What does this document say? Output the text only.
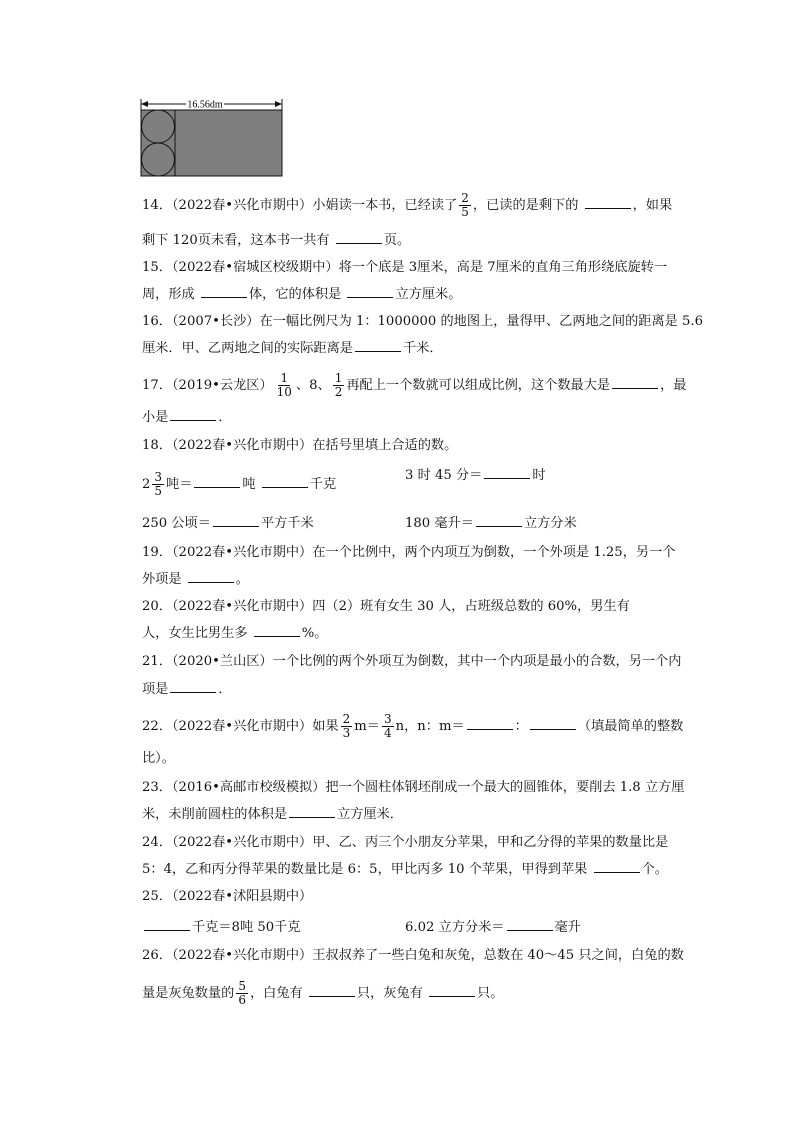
16.56dm
14．（2022春•兴化市期中）小娟读一本书，已经读了 $\frac{2}{5}$ ，已读的是剩下的	，如果
剩下 120页未看，这本书一共有	页。
15．（2022春•宿城区校级期中）将一个底是 3厘米，高是 7厘米的直角三角形绕底旋转一
周，形成	体，它的体积是	立方厘米。
16．（2007•长沙）在一幅比例尺为 1：1000000 的地图上，量得甲、乙两地之间的距离是 5.6
厘米．甲、乙两地之间的实际距离是	千米．
17．（2019•云龙区） $\frac{1}{10}$ 、8、 $\frac{1}{2}$ 再配上一个数就可以组成比例，这个数最大是	，最
小是	．
18．（2022春•兴化市期中）在括号里填上合适的数。
$2 \frac{3}{5}$ 吨＝	吨	千克
3 时 45 分＝	时
250 公顷＝	平方千米	180 毫升＝	立方分米
19．（2022春•兴化市期中）在一个比例中，两个内项互为倒数，一个外项是 1.25，另一个
外项是	。
20．（2022春•兴化市期中）四（2）班有女生 30 人，占班级总数的 60%，男生有
人，女生比男生多	%。
21．（2020•兰山区）一个比例的两个外项互为倒数，其中一个内项是最小的合数，另一个内
项是	．
22．（2022春•兴化市期中）如果 $\frac{2}{3} m= \frac{3}{4}$ n，n：m＝	：	（填最简单的整数
比）。
23．（2016•高邮市校级模拟）把一个圆柱体钢坯削成一个最大的圆锥体，要削去 1.8 立方厘
米，未削前圆柱的体积是	立方厘米．
24．（2022春•兴化市期中）甲、乙、丙三个小朋友分苹果，甲和乙分得的苹果的数量比是
5：4，乙和丙分得苹果的数量比是 6：5，甲比丙多 10 个苹果，甲得到苹果	个。
25．（2022春•沭阳县期中）
千克＝8吨 50千克	6.02 立方分米＝	毫升
26．（2022春•兴化市期中）王叔叔养了一些白兔和灰兔，总数在 40～45 只之间，白兔的数
量是灰兔数量的 $\frac{5}{6}$ ，白兔有	只，灰兔有	只。
